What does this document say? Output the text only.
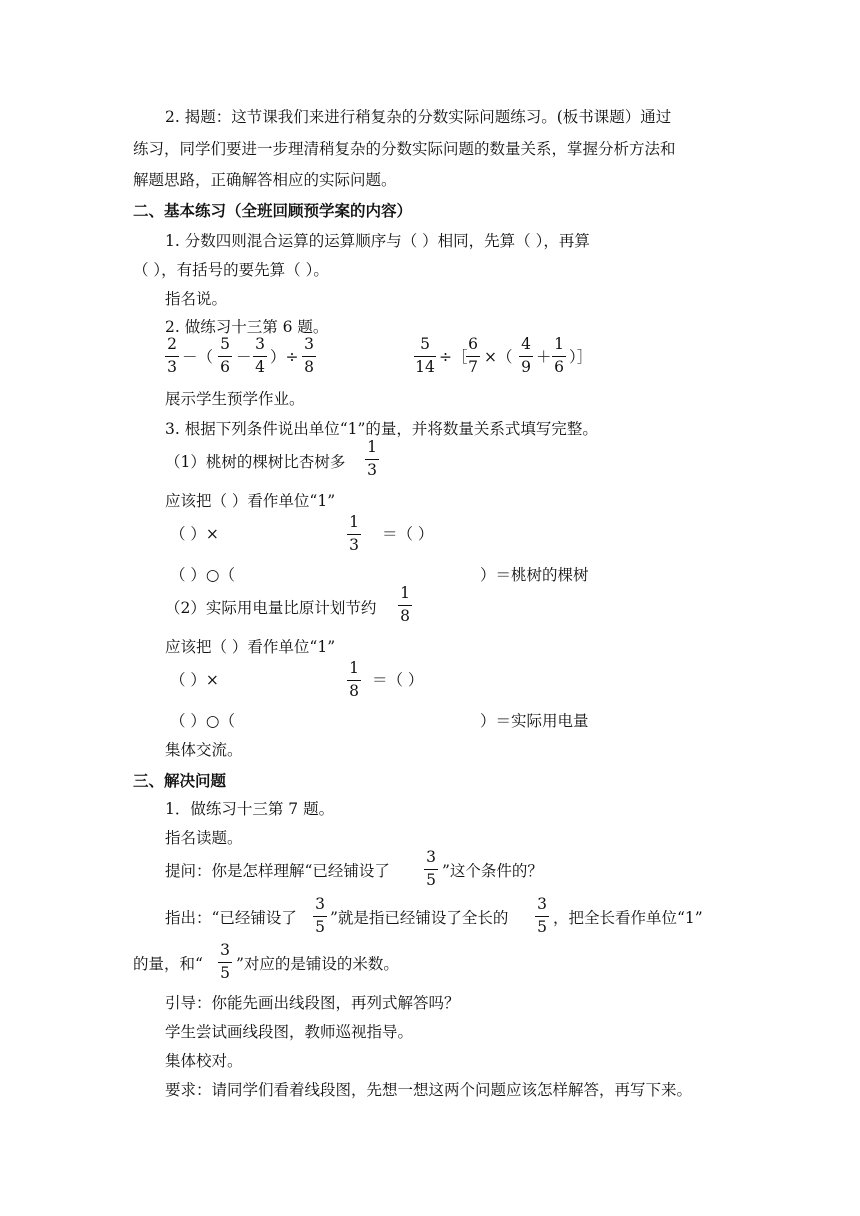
2. 揭题：这节课我们来进行稍复杂的分数实际问题练习。(板书课题）通过
练习，同学们要进一步理清稍复杂的分数实际问题的数量关系，掌握分析方法和
解题思路，正确解答相应的实际问题。
二、基本练习（全班回顾预学案的内容）
1. 分数四则混合运算的运算顺序与（ ）相同，先算（ ），再算
（ ），有括号的要先算（ ）。
指名说。
2. 做练习十三第 6 题。
$\frac{2}{3}$ －（ $\frac{5}{6} - \frac{3}{4}$ ）÷ $\frac{3}{8}$	$\frac{5}{14}$ ÷［
$\frac{6}{7}$ ×（ $\frac{4}{9} + \frac{1}{6}$ ）］
展示学生预学作业。
3. 根据下列条件说出单位“1”的量，并将数量关系式填写完整。
（1）桃树的棵树比杏树多 $\frac{1}{3}$
应该把（ ）看作单位“1”
（ ）×	$\frac{1}{3}$ ＝（ ）
（ ）○（	）＝桃树的棵树
（2）实际用电量比原计划节约 $\frac{1}{8}$
应该把（ ）看作单位“1”
（ ）×	$\frac{1}{8}$ ＝（ ）
（ ）○（	）＝实际用电量
集体交流。
三、解决问题
1．做练习十三第 7 题。
指名读题。
提问：你是怎样理解“已经铺设了 $\frac{3}{5}$ ”这个条件的？
指出：“已经铺设了 $\frac{3}{5}$ ”就是指已经铺设了全长的 $\frac{3}{5}$ ，把全长看作单位“1”
的量，和“ $\frac{3}{5}$ ”对应的是铺设的米数。
引导：你能先画出线段图，再列式解答吗？
学生尝试画线段图，教师巡视指导。
集体校对。
要求：请同学们看着线段图，先想一想这两个问题应该怎样解答，再写下来。
